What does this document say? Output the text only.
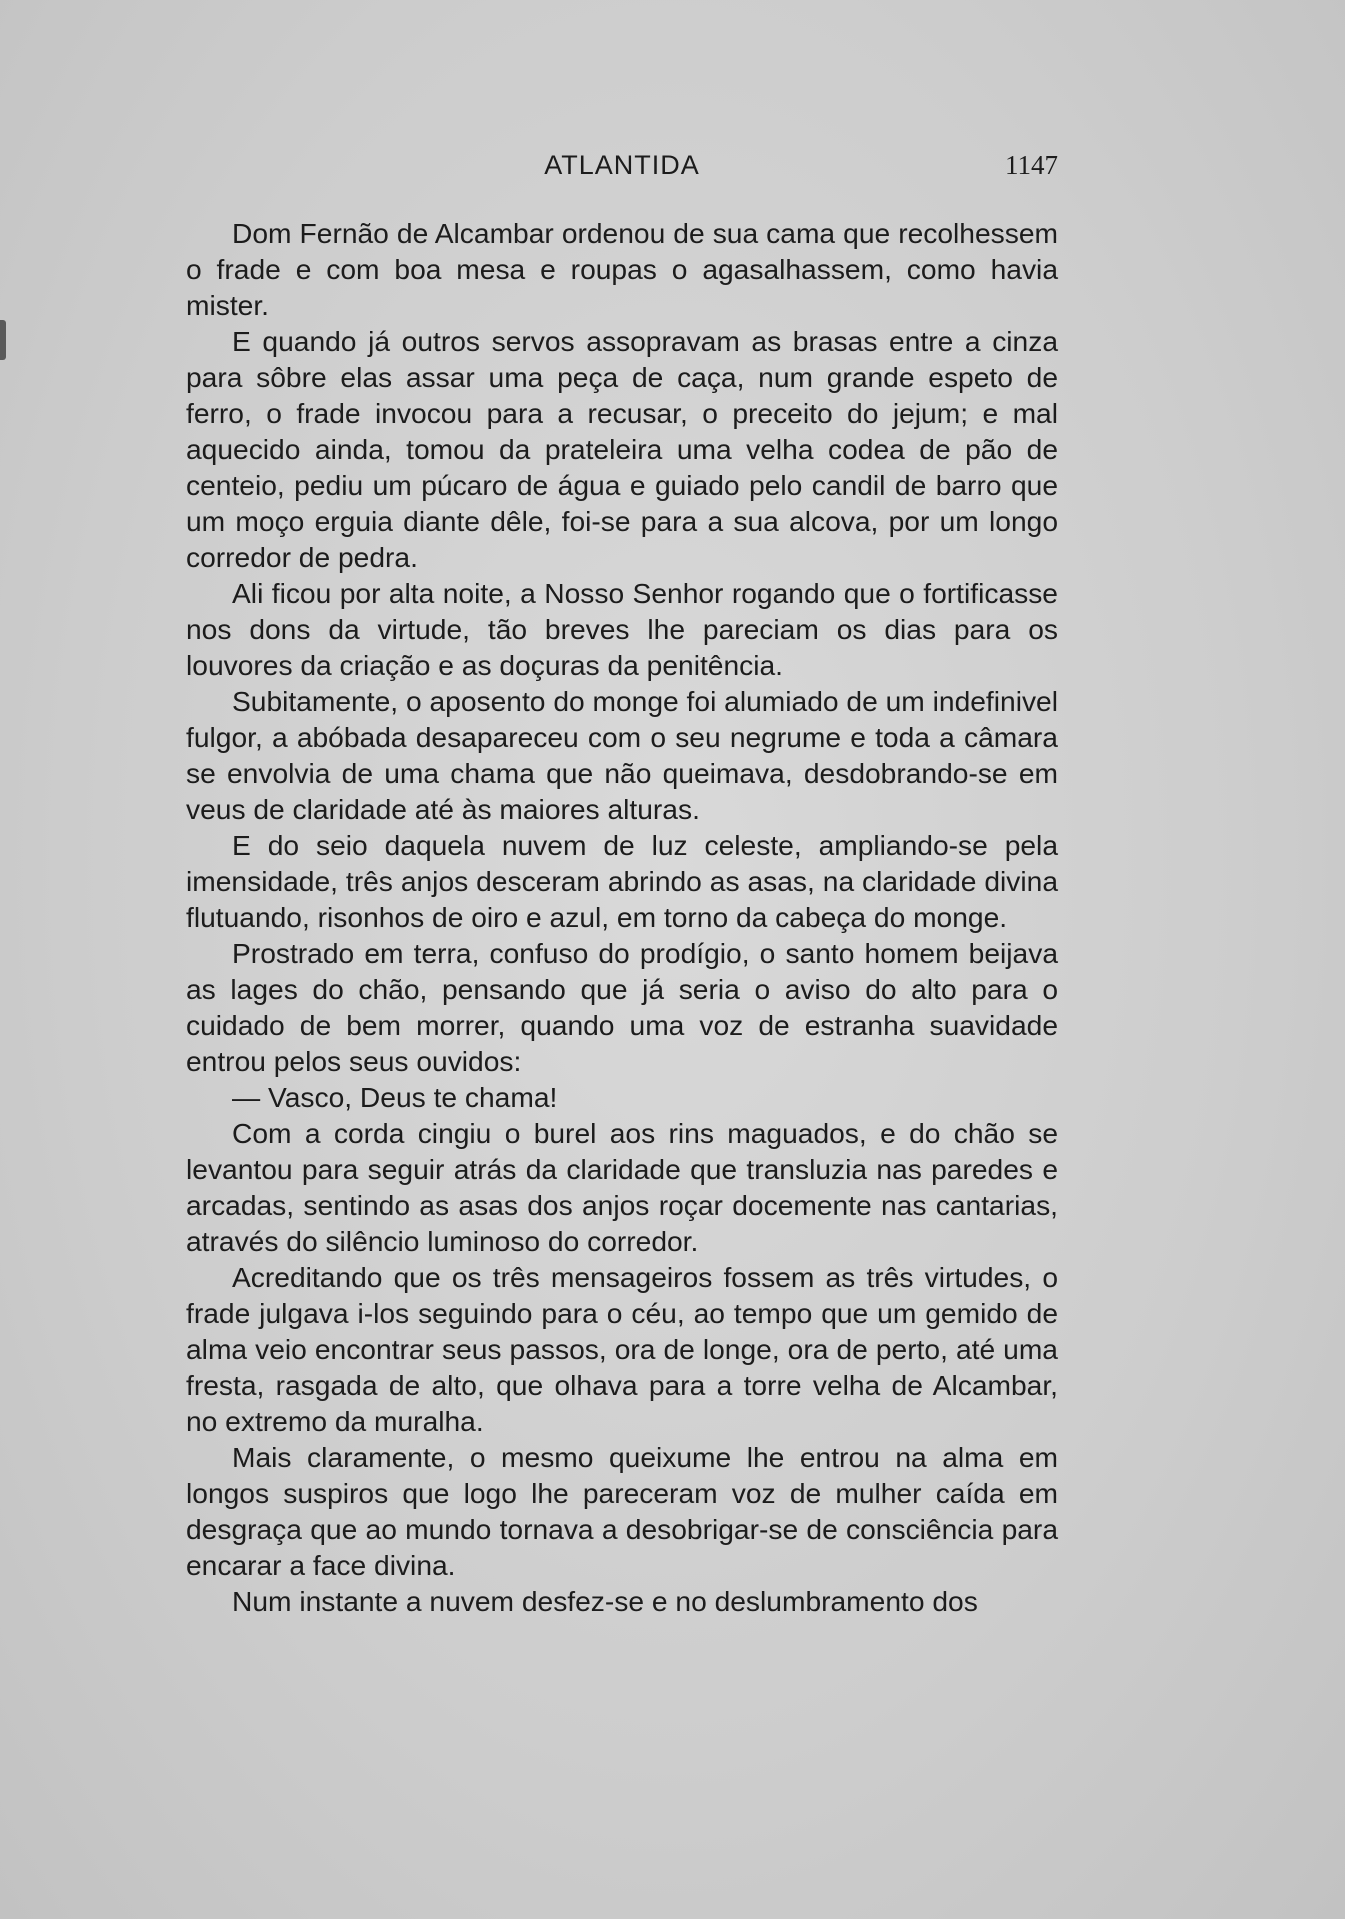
ATLANTIDA	1147

Dom Fernão de Alcambar ordenou de sua cama que recolhessem o frade e com boa mesa e roupas o agasalhassem, como havia mister.

E quando já outros servos assopravam as brasas entre a cinza para sôbre elas assar uma peça de caça, num grande espeto de ferro, o frade invocou para a recusar, o preceito do jejum; e mal aquecido ainda, tomou da prateleira uma velha codea de pão de centeio, pediu um púcaro de água e guiado pelo candil de barro que um moço erguia diante dêle, foi-se para a sua alcova, por um longo corredor de pedra.

Ali ficou por alta noite, a Nosso Senhor rogando que o fortificasse nos dons da virtude, tão breves lhe pareciam os dias para os louvores da criação e as doçuras da penitência.

Subitamente, o aposento do monge foi alumiado de um indefinivel fulgor, a abóbada desapareceu com o seu negrume e toda a câmara se envolvia de uma chama que não queimava, desdobrando-se em veus de claridade até às maiores alturas.

E do seio daquela nuvem de luz celeste, ampliando-se pela imensidade, três anjos desceram abrindo as asas, na claridade divina flutuando, risonhos de oiro e azul, em torno da cabeça do monge.

Prostrado em terra, confuso do prodígio, o santo homem beijava as lages do chão, pensando que já seria o aviso do alto para o cuidado de bem morrer, quando uma voz de estranha suavidade entrou pelos seus ouvidos:

— Vasco, Deus te chama!

Com a corda cingiu o burel aos rins maguados, e do chão se levantou para seguir atrás da claridade que transluzia nas paredes e arcadas, sentindo as asas dos anjos roçar docemente nas cantarias, através do silêncio luminoso do corredor.

Acreditando que os três mensageiros fossem as três virtudes, o frade julgava i-los seguindo para o céu, ao tempo que um gemido de alma veio encontrar seus passos, ora de longe, ora de perto, até uma fresta, rasgada de alto, que olhava para a torre velha de Alcambar, no extremo da muralha.

Mais claramente, o mesmo queixume lhe entrou na alma em longos suspiros que logo lhe pareceram voz de mulher caída em desgraça que ao mundo tornava a desobrigar-se de consciência para encarar a face divina.

Num instante a nuvem desfez-se e no deslumbramento dos
